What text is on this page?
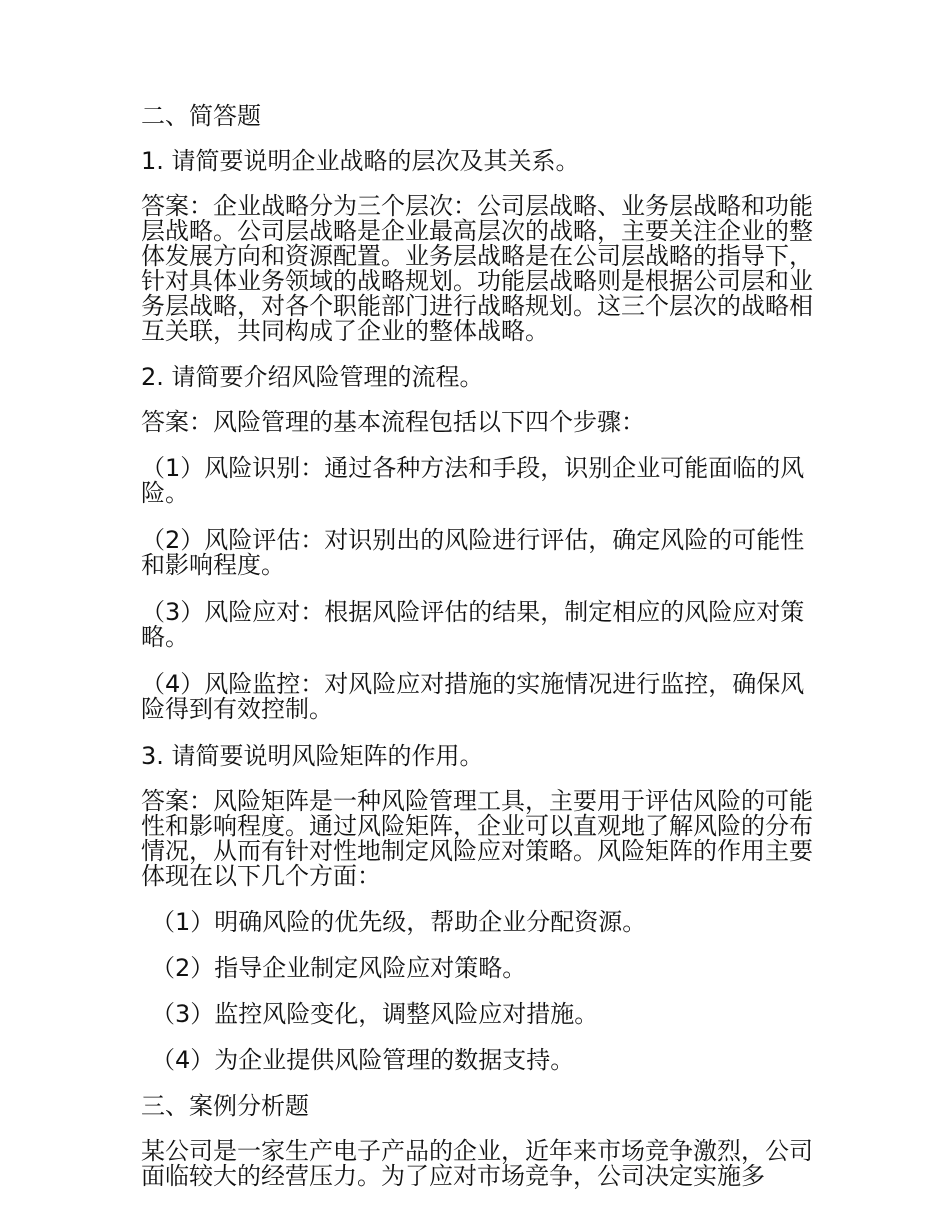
二、简答题

1. 请简要说明企业战略的层次及其关系。

答案：企业战略分为三个层次：公司层战略、业务层战略和功能层战略。公司层战略是企业最高层次的战略，主要关注企业的整体发展方向和资源配置。业务层战略是在公司层战略的指导下，针对具体业务领域的战略规划。功能层战略则是根据公司层和业务层战略，对各个职能部门进行战略规划。这三个层次的战略相互关联，共同构成了企业的整体战略。

2. 请简要介绍风险管理的流程。

答案：风险管理的基本流程包括以下四个步骤：

（1）风险识别：通过各种方法和手段，识别企业可能面临的风险。

（2）风险评估：对识别出的风险进行评估，确定风险的可能性和影响程度。

（3）风险应对：根据风险评估的结果，制定相应的风险应对策略。

（4）风险监控：对风险应对措施的实施情况进行监控，确保风险得到有效控制。

3. 请简要说明风险矩阵的作用。

答案：风险矩阵是一种风险管理工具，主要用于评估风险的可能性和影响程度。通过风险矩阵，企业可以直观地了解风险的分布情况，从而有针对性地制定风险应对策略。风险矩阵的作用主要体现在以下几个方面：

（1）明确风险的优先级，帮助企业分配资源。

（2）指导企业制定风险应对策略。

（3）监控风险变化，调整风险应对措施。

（4）为企业提供风险管理的数据支持。

三、案例分析题

某公司是一家生产电子产品的企业，近年来市场竞争激烈，公司面临较大的经营压力。为了应对市场竞争，公司决定实施多
